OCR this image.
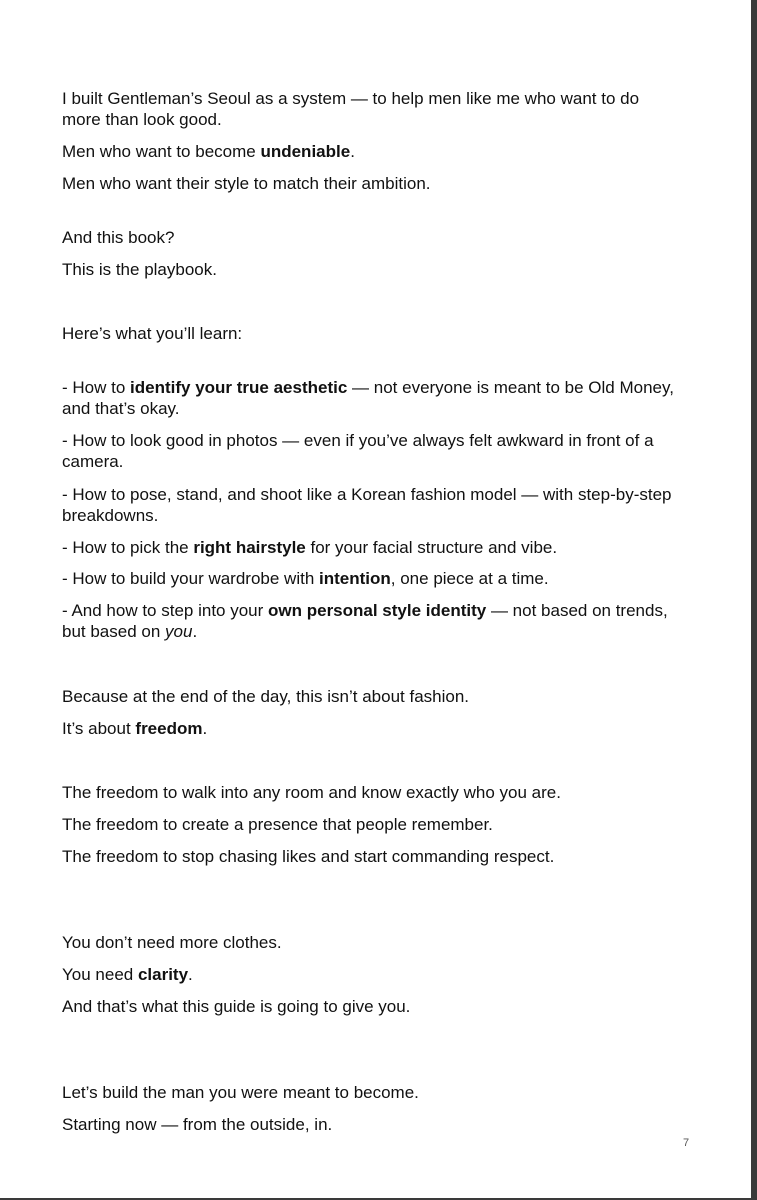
I built Gentleman’s Seoul as a system — to help men like me who want to do more than look good.

Men who want to become undeniable.

Men who want their style to match their ambition.

And this book?

This is the playbook.

Here’s what you’ll learn:

- How to identify your true aesthetic — not everyone is meant to be Old Money, and that’s okay.

- How to look good in photos — even if you’ve always felt awkward in front of a camera.

- How to pose, stand, and shoot like a Korean fashion model — with step-by-step breakdowns.

- How to pick the right hairstyle for your facial structure and vibe.

- How to build your wardrobe with intention, one piece at a time.

- And how to step into your own personal style identity — not based on trends, but based on you.

Because at the end of the day, this isn’t about fashion.

It’s about freedom.

The freedom to walk into any room and know exactly who you are.

The freedom to create a presence that people remember.

The freedom to stop chasing likes and start commanding respect.

You don’t need more clothes.

You need clarity.

And that’s what this guide is going to give you.

Let’s build the man you were meant to become.

Starting now — from the outside, in.

7
